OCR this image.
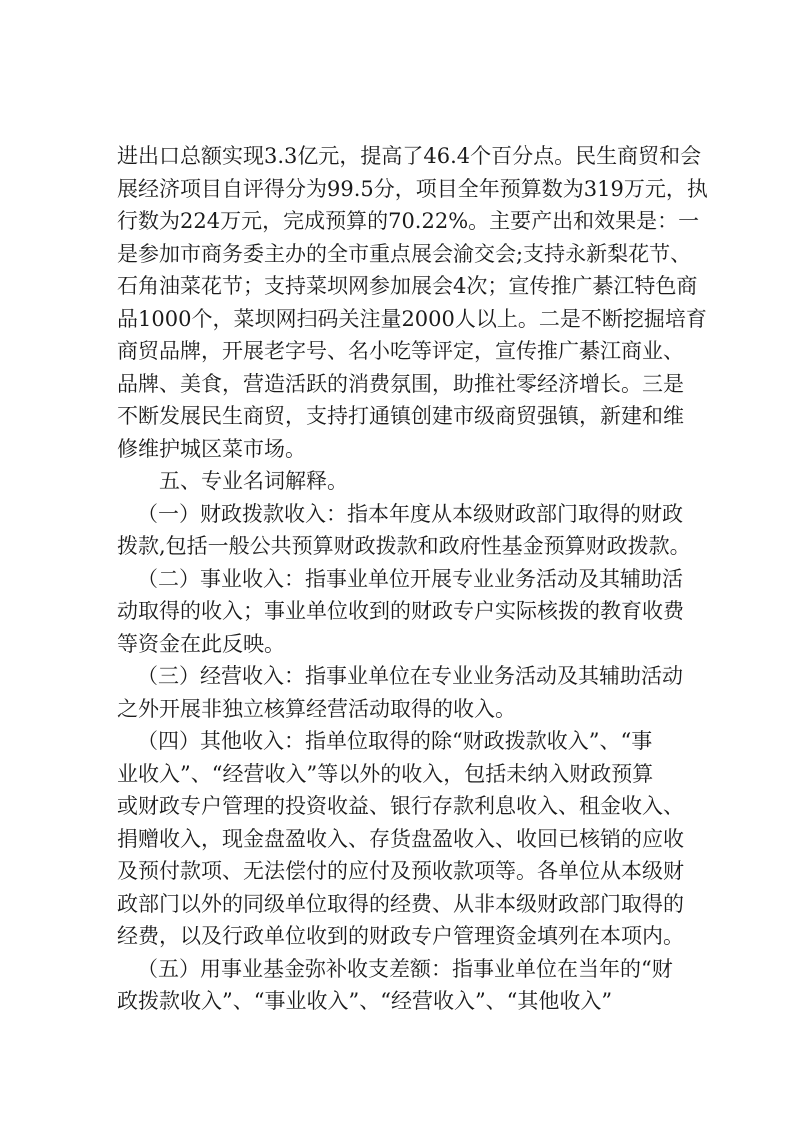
进出口总额实现3.3亿元，提高了46.4个百分点。民生商贸和会
展经济项目自评得分为99.5分，项目全年预算数为319万元，执
行数为224万元，完成预算的70.22%。主要产出和效果是：一
是参加市商务委主办的全市重点展会渝交会;支持永新梨花节、
石角油菜花节；支持菜坝网参加展会4次；宣传推广綦江特色商
品1000个，菜坝网扫码关注量2000人以上。二是不断挖掘培育
商贸品牌，开展老字号、名小吃等评定，宣传推广綦江商业、
品牌、美食，营造活跃的消费氛围，助推社零经济增长。三是
不断发展民生商贸，支持打通镇创建市级商贸强镇，新建和维
修维护城区菜市场。
五、专业名词解释。
（一）财政拨款收入：指本年度从本级财政部门取得的财政
拨款,包括一般公共预算财政拨款和政府性基金预算财政拨款。
（二）事业收入：指事业单位开展专业业务活动及其辅助活
动取得的收入；事业单位收到的财政专户实际核拨的教育收费
等资金在此反映。
（三）经营收入：指事业单位在专业业务活动及其辅助活动
之外开展非独立核算经营活动取得的收入。
（四）其他收入：指单位取得的除“财政拨款收入”、“事
业收入”、“经营收入”等以外的收入，包括未纳入财政预算
或财政专户管理的投资收益、银行存款利息收入、租金收入、
捐赠收入，现金盘盈收入、存货盘盈收入、收回已核销的应收
及预付款项、无法偿付的应付及预收款项等。各单位从本级财
政部门以外的同级单位取得的经费、从非本级财政部门取得的
经费，以及行政单位收到的财政专户管理资金填列在本项内。
（五）用事业基金弥补收支差额：指事业单位在当年的“财
政拨款收入”、“事业收入”、“经营收入”、“其他收入”
